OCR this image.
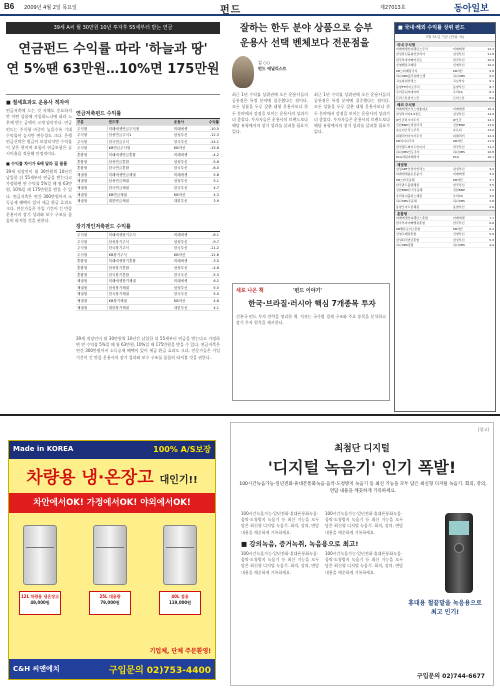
B6 2009년 4월 2일 목요일	펀드	제27013호	동아일보
39세 A씨 월 30만원 10년 투자후 55세부터 받는 연금
연금펀드 수익률 따라 '하늘과 땅'
연 5%땐 63만원…10%면 175만원
■ 절세효과도 운용사 적자여
연금저축에 드는 것 자체도 중요하지만 어떤 상품에 가입하느냐에 따라 노후에 받는 금액이 크게 달라진다. 연금펀드는 주식형 비중이 높을수록 기대 수익률이 높지만 변동성도 크다. 은행 연금신탁은 원금이 보장되지만 수익률이 낮은 편이며 보험사 연금보험은 공시이율을 적용해 안정적이다.
■ 수익률 차이가 6배 달라 질 볼륨
39세 직장인이 월 30만원씩 10년간 납입한 뒤 55세부터 연금을 받는다고 가정하면 연 수익률 5%일 때 월 63만원, 10%일 때 175만원을 받을 수 있다. 연금저축은 연간 300만원까지 소득공제 혜택이 있어 세금 환급 효과도 크다. 전문가들은 가입 기간이 긴 만큼 운용사의 장기 성과와 보수 구조를 꼼꼼히 따져볼 것을 권한다.
연금저축펀드 수익률
구분	펀드명	운용사	수익률
주식형	미래에셋연금주식형	미래에셋	-10.5
주식형	삼성연금주식1	삼성투신	-12.3
주식형	한국연금주식	한국투신	-14.1
주식형	KB연금주식형	KB자산	-15.8
혼합형	미래에셋연금혼합	미래에셋	-4.2
혼합형	삼성연금혼합	삼성투신	-5.6
혼합형	한국연금혼합	한국투신	-6.0
채권형	미래에셋연금채권	미래에셋	5.8
채권형	삼성연금채권	삼성투신	5.1
채권형	한국연금채권	한국투신	4.7
채권형	KB연금채권	KB자산	4.3
채권형	대한연금채권	대한투신	3.9
장기개인저축펀드 수익률
주식형	미래에셋장기주식	미래에셋	-8.1
주식형	삼성장기주식	삼성투신	-9.7
주식형	한국장기주식	한국투신	-11.2
주식형	KB장기주식	KB자산	-12.6
혼합형	미래에셋장기혼합	미래에셋	-3.5
혼합형	삼성장기혼합	삼성투신	-4.8
혼합형	한국장기혼합	한국투신	-5.3
채권형	미래에셋장기채권	미래에셋	6.2
채권형	삼성장기채권	삼성투신	5.5
채권형	한국장기채권	한국투신	5.0
채권형	KB장기채권	KB자산	4.6
채권형	대한장기채권	대한투신	4.1
39세 직장인이 월 30만원씩 10년간 납입한 뒤 55세부터 연금을 받는다고 가정하면 연 수익률 5%일 때 월 63만원, 10%일 때 175만원을 받을 수 있다. 연금저축은 연간 300만원까지 소득공제 혜택이 있어 세금 환급 효과도 크다. 전문가들은 가입 기간이 긴 만큼 운용사의 장기 성과와 보수 구조를 꼼꼼히 따져볼 것을 권한다.
잘하는 한두 분야 상품으로 승부
운용사 선택 벤체보다 전문점을
김 ○○
펀드 애널리스트
최근 1년 수익률 상위권에 오른 운용사들의 공통점은 특정 분야에 집중했다는 점이다. 모든 상품을 두루 갖춘 대형 운용사보다 한두 분야에서 강점을 보이는 운용사의 성과가 더 좋았다. 투자자들은 운용사의 브랜드보다 해당 유형에서의 장기 성과를 살펴볼 필요가 있다.
최근 1년 수익률 상위권에 오른 운용사들의 공통점은 특정 분야에 집중했다는 점이다. 모든 상품을 두루 갖춘 대형 운용사보다 한두 분야에서 강점을 보이는 운용사의 성과가 더 좋았다. 투자자들은 운용사의 브랜드보다 해당 유형에서의 장기 성과를 살펴볼 필요가 있다.
새로 나온 책	'펀드 이야기'
한국·브라질·러시아 핵심 7개종목 투자
신흥국 펀드 투자 전략을 정리한 책. 저자는 국가별 경제 구조와 주요 종목을 분석하고 장기 투자 원칙을 제시한다.
■ 국내·해외 수익률 상위 펀드
3월 31일 기준 (단위: %)
국내 주식형
미래에셋인디펜던스주식	미래에셋	12.3
삼성당신을위한코리아	삼성투신	11.8
한국부자아빠거꾸로	한국투신	10.9
신영밸류고배당	신영투신	10.2
KB스타배당주식	KB자산	9.8
하나UBS블루칩바스켓	하나UBS	9.5
교보파워인덱스	교보악사	9.1
동양FT바이오주식	동양투신	8.7
우리쥬니어네이버	우리CS	8.3
트러스톤칭기스칸	트러스톤	8.0
해외 주식형
미래에셋브릭스업종대표	미래에셋	15.4
삼성차이나2.0본토	삼성투신	14.9
JP모간러시아주식	JP모간	14.1
신한BNP브라질주식	신한BNP	13.6
슈로더브릭스주식	슈로더	13.0
피델리티아시아주식	피델리티	12.4
KB차이나주식	KB자산	11.9
한국월드와이드인디아	한국투신	11.2
하나UBS인도주식	하나UBS	10.8
PCA라틴아메리카	PCA	10.1
채권형
삼성ABF코리아인덱스	삼성투신	4.2
미래에셋솔로몬중기	미래에셋	3.9
KB스타국공채	KB자산	3.7
한국골드플랜채권	한국투신	3.5
신한BNP단기국공채	신한BNP	3.2
우리하이플러스채권	우리CS	3.0
하나UBS국공채	하나UBS	2.8
동양모아드림채권	동양투신	2.6
혼합형
미래에셋인디펜던스혼합	미래에셋	7.1
한국부자아빠밸류혼합	한국투신	6.6
KB밸류포커스혼합	KB자산	6.2
신영고배당혼합	신영투신	5.8
삼성퇴직연금혼합	삼성투신	5.3
하나UBS혼합	하나UBS	4.9
Made in KOREA	100% A/S보장
차량용 냉·온장고 대인기!!
차안에서OK! 가정에서OK! 야외에서OK!
12L 차량용 냉온장고
49,000원
25L 대용량
79,000원
40L 겸용
119,000원
기업체, 단체 주문환영!
C&H 씨앤에치	구입문의 02)753-4400
[광고]
최첨단 디지털
'디지털 녹음기' 인기 폭발!
100시간녹음가능·일년전화·휴대폰통화녹음·음악·도청방지 녹음기 등 최신 기능을 모두 담은 최신형 디지털 녹음기. 회의, 강의, 면담 내용을 깨끗하게 기록하세요.
100시간녹음가능·일년전화·휴대폰통화녹음·음악·도청방지 녹음기 등 최신 기능을 모두 담은 최신형 디지털 녹음기. 회의, 강의, 면담 내용을 깨끗하게 기록하세요.
100시간녹음가능·일년전화·휴대폰통화녹음·음악·도청방지 녹음기 등 최신 기능을 모두 담은 최신형 디지털 녹음기. 회의, 강의, 면담 내용을 깨끗하게 기록하세요.
■ 강의녹음, 증거녹취, 녹음용으로 최고!
100시간녹음가능·일년전화·휴대폰통화녹음·음악·도청방지 녹음기 등 최신 기능을 모두 담은 최신형 디지털 녹음기. 회의, 강의, 면담 내용을 깨끗하게 기록하세요.
100시간녹음가능·일년전화·휴대폰통화녹음·음악·도청방지 녹음기 등 최신 기능을 모두 담은 최신형 디지털 녹음기. 회의, 강의, 면담 내용을 깨끗하게 기록하세요.
휴대용 철끝말을 녹음용으로 최고 인기!
구입문의 02)744-6677
